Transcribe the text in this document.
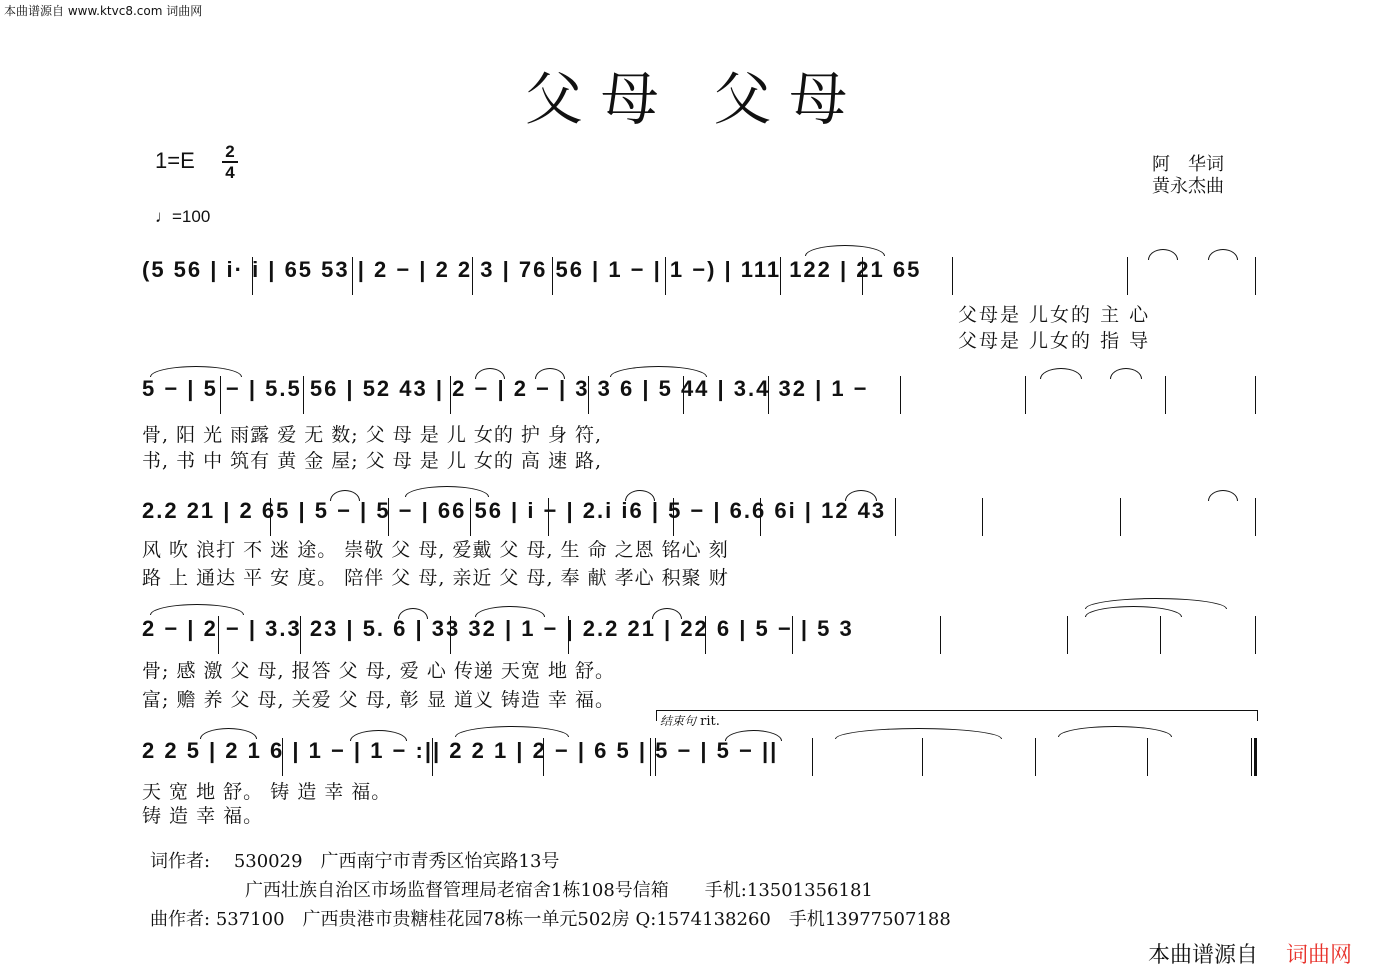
本曲谱源自 www.ktvc8.com 词曲网
父母 父母
1=E 2
4
♩=100
阿　华词
黄永杰曲
(5 56 | i· i | 65 53 | 2 − | 2 2 3 | 76 56 | 1 − | 1 −) | 111 122 | 21 65
父母是 儿女的 主 心
父母是 儿女的 指 导
5 − | 5 − | 5.5 56 | 52 43 | 2 − | 2 − | 3 3 6 | 5 44 | 3.4 32 | 1 −
骨, 阳 光 雨露 爱 无 数; 父 母 是 儿 女的 护 身 符,
书, 书 中 筑有 黄 金 屋; 父 母 是 儿 女的 高 速 路,
2.2 21 | 2 65 | 5 − | 5 − | 66 56 | i − | 2.i i6 | 5 − | 6.6 6i | 12 43
风 吹 浪打 不 迷 途。 崇敬 父 母, 爱戴 父 母, 生 命 之恩 铭心 刻
路 上 通达 平 安 度。 陪伴 父 母, 亲近 父 母, 奉 献 孝心 积聚 财
2 − | 2 − | 3.3 23 | 5. 6 | 33 32 | 1 − | 2.2 21 | 22 6 | 5 − | 5 3
骨; 感 激 父 母, 报答 父 母, 爱 心 传递 天宽 地 舒。
富; 赡 养 父 母, 关爱 父 母, 彰 显 道义 铸造 幸 福。
结束句 rit.
2 2 5 | 2 1 6 | 1 − | 1 − :|| 2 2 1 | 2 − | 6 5 | 5 − | 5 − ||
天 宽 地 舒。 铸 造 幸 福。
铸 造 幸 福。
词作者: 530029　广西南宁市青秀区怡宾路13号
广西壮族自治区市场监督管理局老宿舍1栋108号信箱　　手机:13501356181
曲作者: 537100　广西贵港市贵糖桂花园78栋一单元502房 Q:1574138260　手机13977507188
本曲谱源自 词曲网
